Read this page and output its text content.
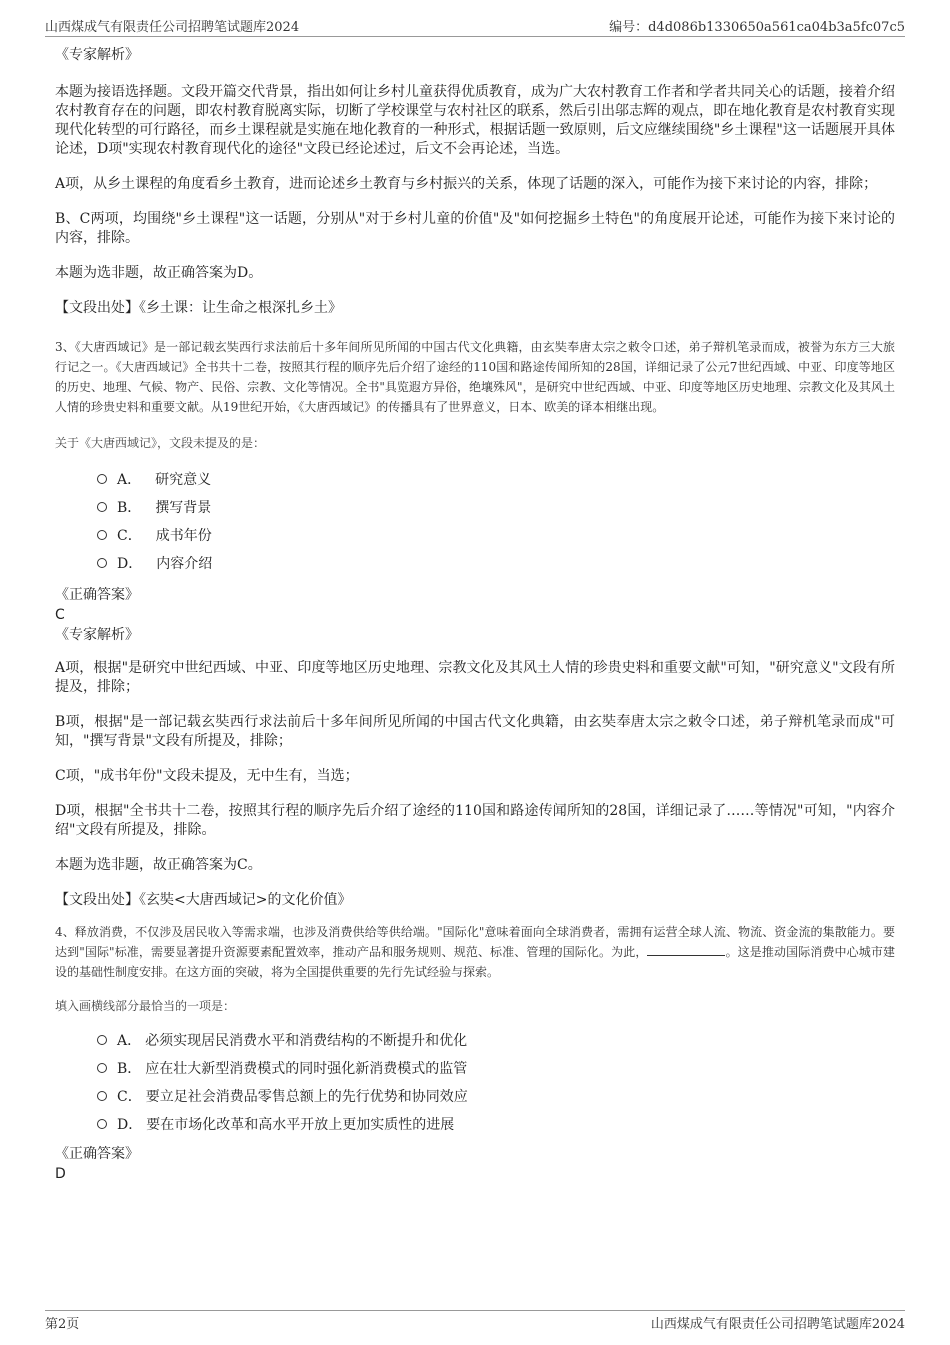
山西煤成气有限责任公司招聘笔试题库2024	编号：d4d086b1330650a561ca04b3a5fc07c5

《专家解析》

本题为接语选择题。文段开篇交代背景，指出如何让乡村儿童获得优质教育，成为广大农村教育工作者和学者共同关心的话题，接着介绍农村教育存在的问题，即农村教育脱离实际，切断了学校课堂与农村社区的联系，然后引出邬志辉的观点，即在地化教育是农村教育实现现代化转型的可行路径，而乡土课程就是实施在地化教育的一种形式，根据话题一致原则，后文应继续围绕"乡土课程"这一话题展开具体论述，D项"实现农村教育现代化的途径"文段已经论述过，后文不会再论述，当选。

A项，从乡土课程的角度看乡土教育，进而论述乡土教育与乡村振兴的关系，体现了话题的深入，可能作为接下来讨论的内容，排除；

B、C两项，均围绕"乡土课程"这一话题，分别从"对于乡村儿童的价值"及"如何挖掘乡土特色"的角度展开论述，可能作为接下来讨论的内容，排除。

本题为选非题，故正确答案为D。

【文段出处】《乡土课：让生命之根深扎乡土》

3、《大唐西域记》是一部记载玄奘西行求法前后十多年间所见所闻的中国古代文化典籍，由玄奘奉唐太宗之敕令口述，弟子辩机笔录而成，被誉为东方三大旅行记之一。《大唐西域记》全书共十二卷，按照其行程的顺序先后介绍了途经的110国和路途传闻所知的28国，详细记录了公元7世纪西域、中亚、印度等地区的历史、地理、气候、物产、民俗、宗教、文化等情况。全书"具览遐方异俗，绝壤殊风"，是研究中世纪西域、中亚、印度等地区历史地理、宗教文化及其风土人情的珍贵史料和重要文献。从19世纪开始，《大唐西域记》的传播具有了世界意义，日本、欧美的译本相继出现。

关于《大唐西域记》，文段未提及的是：

A． 研究意义
B． 撰写背景
C． 成书年份
D． 内容介绍

《正确答案》

C

《专家解析》

A项，根据"是研究中世纪西域、中亚、印度等地区历史地理、宗教文化及其风土人情的珍贵史料和重要文献"可知，"研究意义"文段有所提及，排除；

B项，根据"是一部记载玄奘西行求法前后十多年间所见所闻的中国古代文化典籍，由玄奘奉唐太宗之敕令口述，弟子辩机笔录而成"可知，"撰写背景"文段有所提及，排除；

C项，"成书年份"文段未提及，无中生有，当选；

D项，根据"全书共十二卷，按照其行程的顺序先后介绍了途经的110国和路途传闻所知的28国，详细记录了……等情况"可知，"内容介绍"文段有所提及，排除。

本题为选非题，故正确答案为C。

【文段出处】《玄奘<大唐西域记>的文化价值》

4、释放消费，不仅涉及居民收入等需求端，也涉及消费供给等供给端。"国际化"意味着面向全球消费者，需拥有运营全球人流、物流、资金流的集散能力。要达到"国际"标准，需要显著提升资源要素配置效率，推动产品和服务规则、规范、标准、管理的国际化。为此，	。这是推动国际消费中心城市建设的基础性制度安排。在这方面的突破，将为全国提供重要的先行先试经验与探索。

填入画横线部分最恰当的一项是：

A． 必须实现居民消费水平和消费结构的不断提升和优化
B． 应在壮大新型消费模式的同时强化新消费模式的监管
C． 要立足社会消费品零售总额上的先行优势和协同效应
D． 要在市场化改革和高水平开放上更加实质性的进展

《正确答案》

D

第2页	山西煤成气有限责任公司招聘笔试题库2024
